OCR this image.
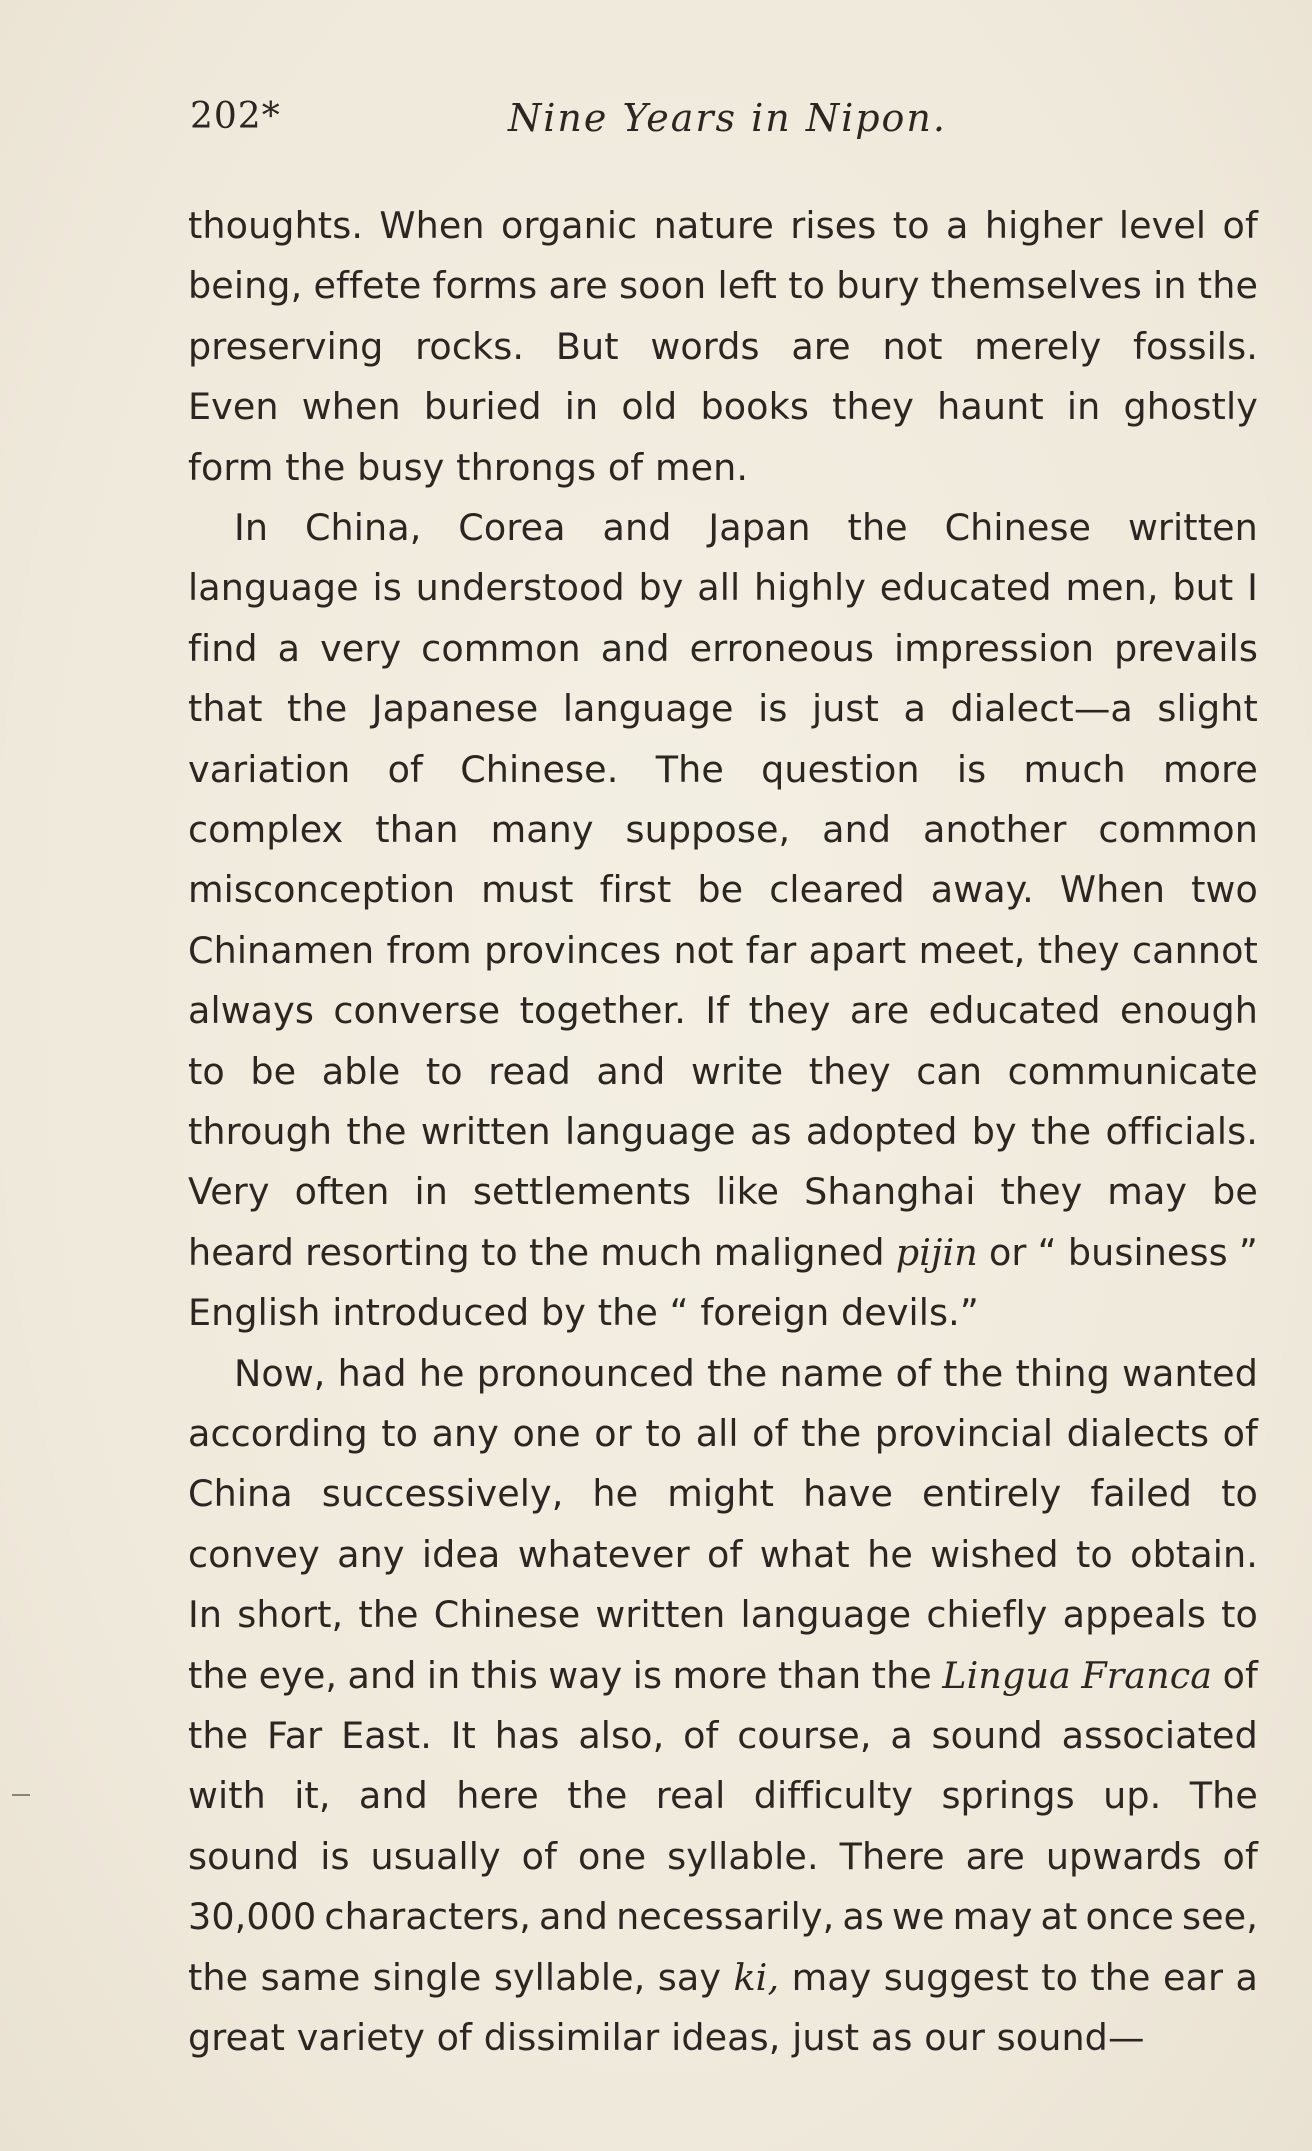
202*	Nine Years in Nipon.
thoughts. When organic nature rises to a higher level of
being, effete forms are soon left to bury themselves in the
preserving rocks. But words are not merely fossils.
Even when buried in old books they haunt in ghostly
form the busy throngs of men.
In China, Corea and Japan the Chinese written
language is understood by all highly educated men, but I
find a very common and erroneous impression prevails
that the Japanese language is just a dialect—a slight
variation of Chinese. The question is much more
complex than many suppose, and another common
misconception must first be cleared away. When two
Chinamen from provinces not far apart meet, they cannot
always converse together. If they are educated enough
to be able to read and write they can communicate
through the written language as adopted by the officials.
Very often in settlements like Shanghai they may be
heard resorting to the much maligned pijin or “ business ”
English introduced by the “ foreign devils.”
Now, had he pronounced the name of the thing wanted
according to any one or to all of the provincial dialects of
China successively, he might have entirely failed to
convey any idea whatever of what he wished to obtain.
In short, the Chinese written language chiefly appeals to
the eye, and in this way is more than the Lingua Franca of
the Far East. It has also, of course, a sound associated
with it, and here the real difficulty springs up. The
sound is usually of one syllable. There are upwards of
30,000 characters, and necessarily, as we may at once see,
the same single syllable, say ki, may suggest to the ear a
great variety of dissimilar ideas, just as our sound—
